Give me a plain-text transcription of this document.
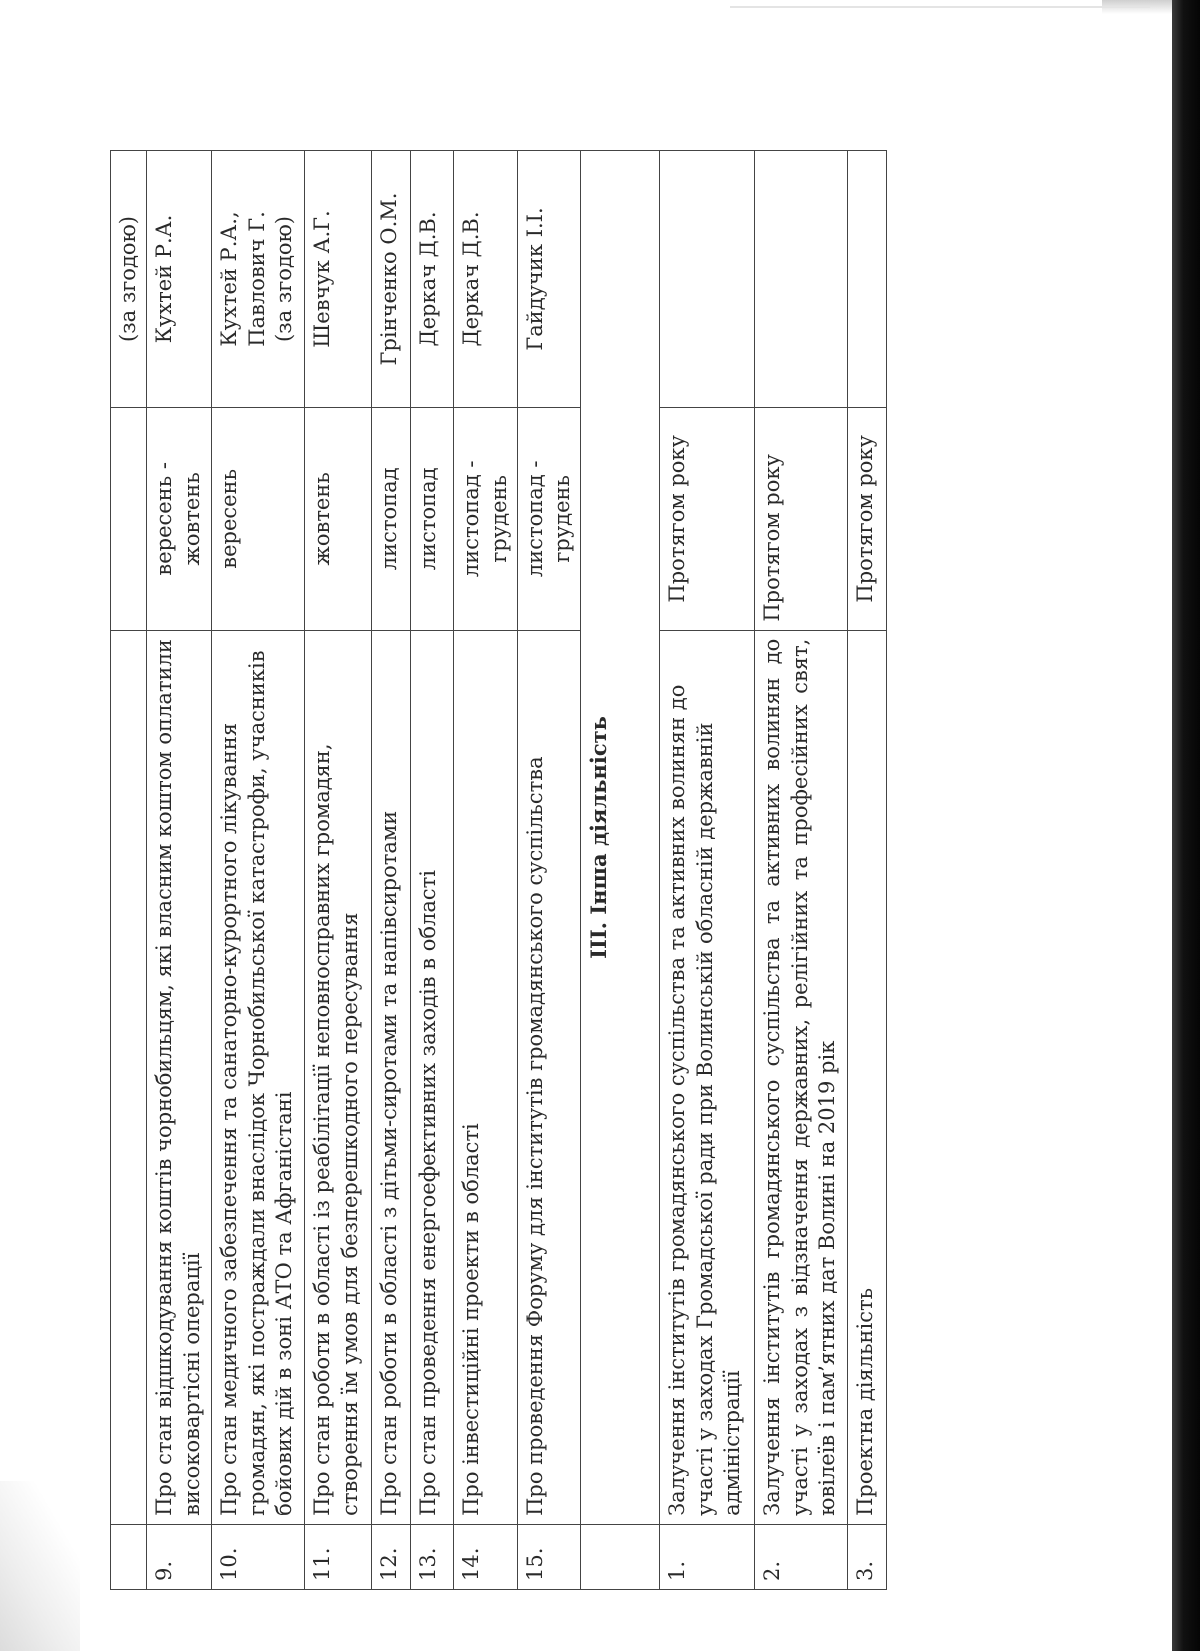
			(за згодою)
9.	Про стан відшкодування коштів чорнобильцям, які власним коштом оплатили високовартісні операції	вересень - жовтень	Кухтей Р.А.
10.	Про стан медичного забезпечення та санаторно-курортного лікування громадян, які постраждали внаслідок Чорнобильської катастрофи, учасників бойових дій в зоні АТО та Афганістані	вересень	Кухтей Р.А., Павлович Г. (за згодою)

11.	Про стан роботи в області із реабілітації неповносправних громадян, створення їм умов для безперешкодного пересування	жовтень	Шевчук А.Г.
12.	Про стан роботи в області з дітьми-сиротами та напівсиротами	листопад	Грінченко О.М.
13.	Про стан проведення енергоефективних заходів в області	листопад	Деркач Д.В.
14.	Про інвестиційні проекти в області	листопад - грудень	Деркач Д.В.
15.	Про проведення Форуму для інститутів громадянського суспільства	листопад - грудень	Гайдучик І.І.
	ІІІ. Інша діяльність		
1.	Залучення інститутів громадянського суспільства та активних волинян до участі у заходах Громадської ради при Волинській обласній державній адміністрації	Протягом року	
2.	Залучення інститутів громадянського суспільства та активних волинян до участі у заходах з відзначення державних, релігійних та професійних свят, ювілеїв і пам’ятних дат Волині на 2019 рік	Протягом року	
3.	Проектна діяльність	Протягом року	
